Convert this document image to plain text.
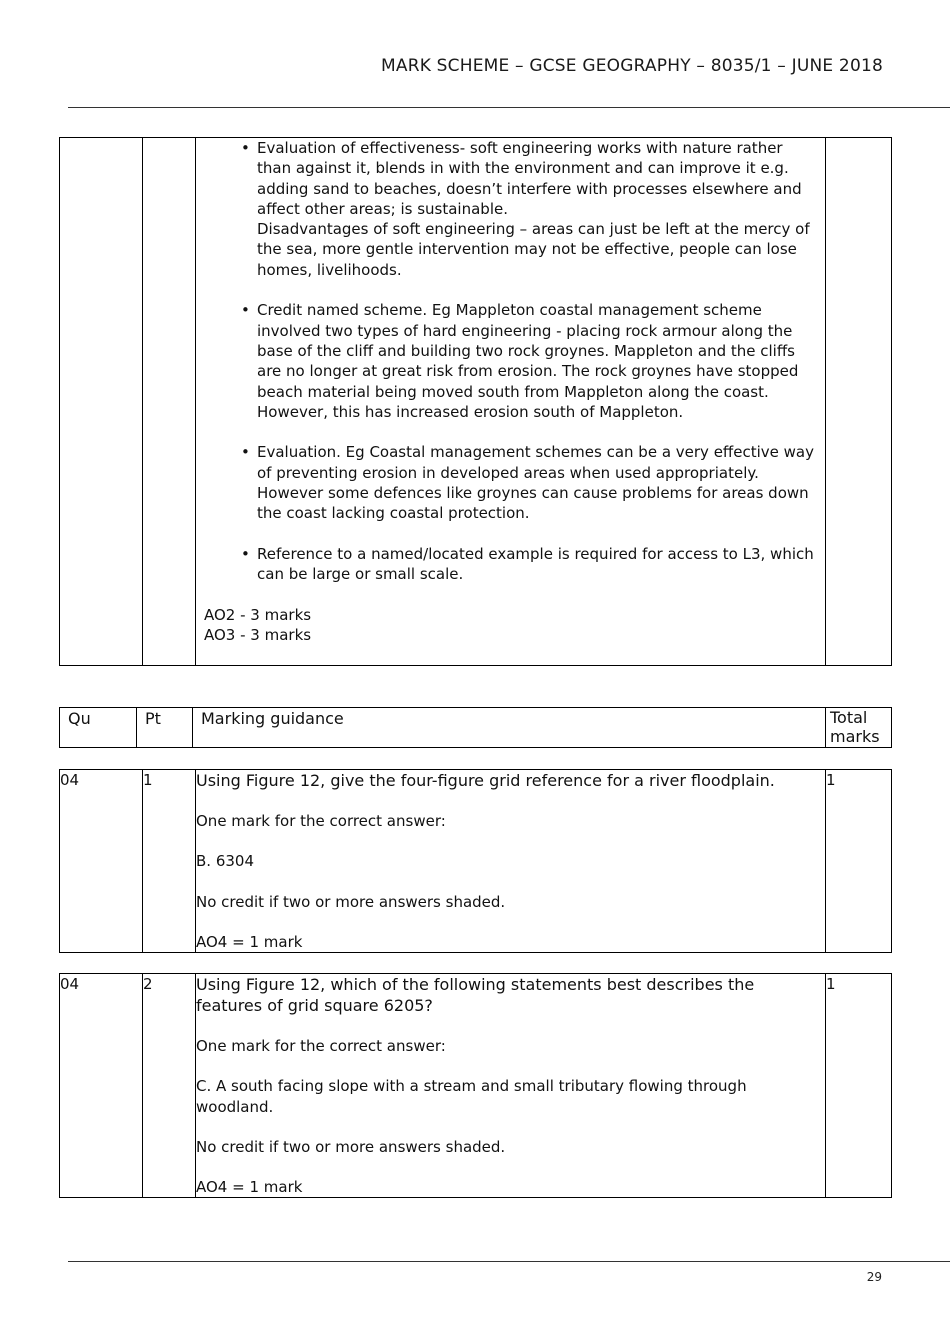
MARK SCHEME – GCSE GEOGRAPHY – 8035/1 – JUNE 2018

• Evaluation of effectiveness- soft engineering works with nature rather than against it, blends in with the environment and can improve it e.g. adding sand to beaches, doesn’t interfere with processes elsewhere and affect other areas; is sustainable.
Disadvantages of soft engineering – areas can just be left at the mercy of the sea, more gentle intervention may not be effective, people can lose homes, livelihoods.
• Credit named scheme. Eg Mappleton coastal management scheme involved two types of hard engineering - placing rock armour along the base of the cliff and building two rock groynes. Mappleton and the cliffs are no longer at great risk from erosion. The rock groynes have stopped beach material being moved south from Mappleton along the coast. However, this has increased erosion south of Mappleton.
• Evaluation. Eg Coastal management schemes can be a very effective way of preventing erosion in developed areas when used appropriately. However some defences like groynes can cause problems for areas down the coast lacking coastal protection.
• Reference to a named/located example is required for access to L3, which can be large or small scale.
AO2 - 3 marks
AO3 - 3 marks

Qu	Pt	Marking guidance	Total
marks
04	1	Using Figure 12, give the four-figure grid reference for a river floodplain.
One mark for the correct answer:
B. 6304
No credit if two or more answers shaded.
AO4 = 1 mark
	1
04	2	Using Figure 12, which of the following statements best describes the features of grid square 6205?
One mark for the correct answer:
C. A south facing slope with a stream and small tributary flowing through woodland.
No credit if two or more answers shaded.
AO4 = 1 mark
	1
29
